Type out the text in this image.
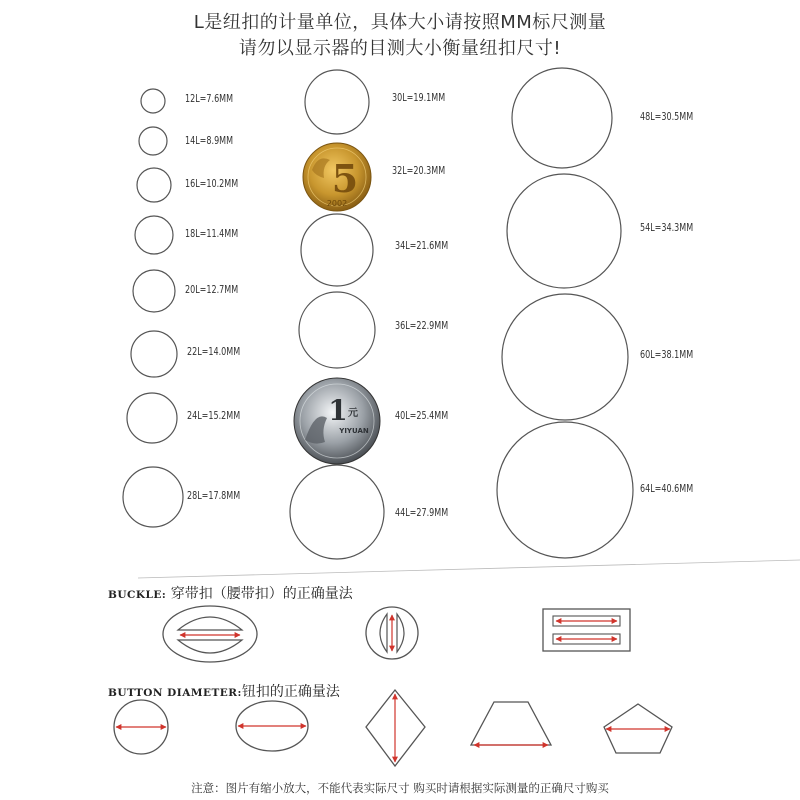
L是纽扣的计量单位，具体大小请按照MM标尺测量
请勿以显示器的目测大小衡量纽扣尺寸!
5
2002
1 元
YIYUAN
12L=7.6MM
14L=8.9MM
16L=10.2MM
18L=11.4MM
20L=12.7MM
22L=14.0MM
24L=15.2MM
28L=17.8MM
30L=19.1MM
32L=20.3MM
34L=21.6MM
36L=22.9MM
40L=25.4MM
44L=27.9MM
48L=30.5MM
54L=34.3MM
60L=38.1MM
64L=40.6MM
BUCKLE: 穿带扣（腰带扣）的正确量法
BUTTON DIAMETER:钮扣的正确量法
注意：图片有缩小放大，不能代表实际尺寸 购买时请根据实际测量的正确尺寸购买
